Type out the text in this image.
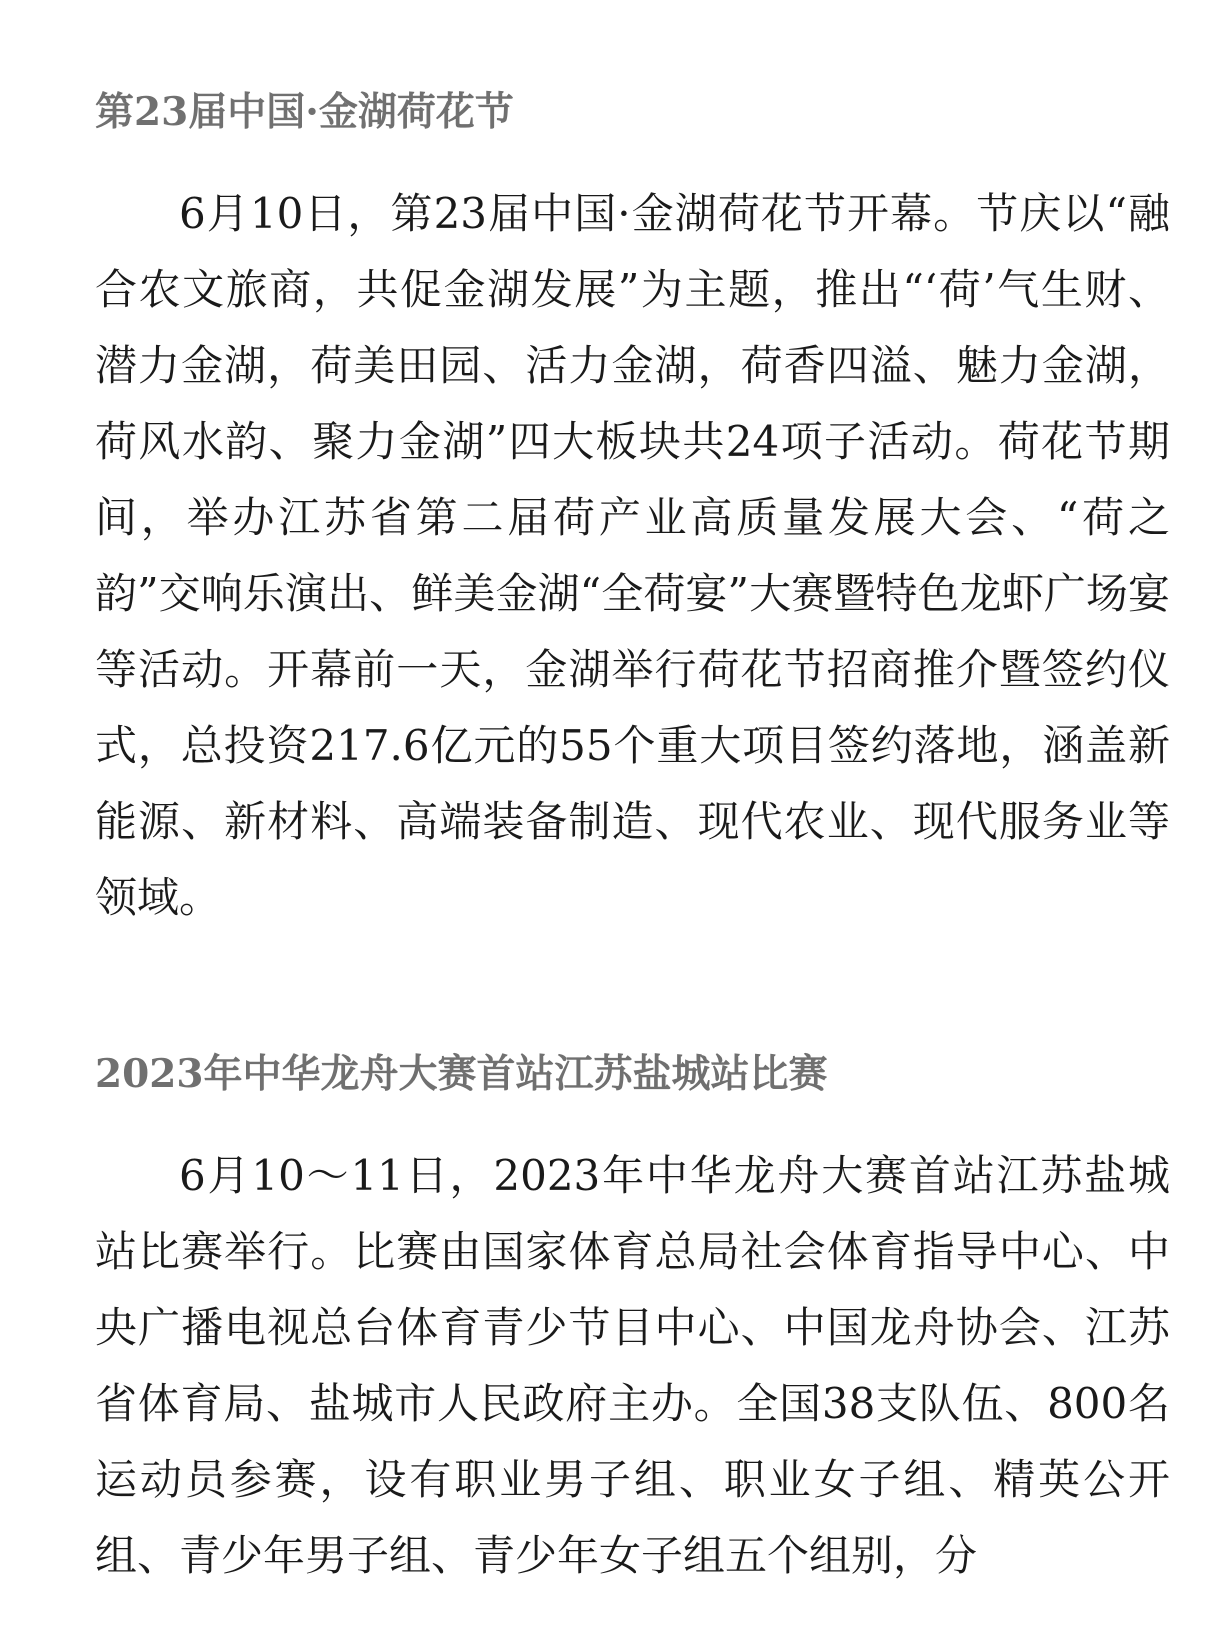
第23届中国·金湖荷花节

6月10日，第23届中国·金湖荷花节开幕。节庆以“融合农文旅商，共促金湖发展”为主题，推出“‘荷’气生财、潜力金湖，荷美田园、活力金湖，荷香四溢、魅力金湖，荷风水韵、聚力金湖”四大板块共24项子活动。荷花节期间，举办江苏省第二届荷产业高质量发展大会、“荷之韵”交响乐演出、鲜美金湖“全荷宴”大赛暨特色龙虾广场宴等活动。开幕前一天，金湖举行荷花节招商推介暨签约仪式，总投资217.6亿元的55个重大项目签约落地，涵盖新能源、新材料、高端装备制造、现代农业、现代服务业等领域。

2023年中华龙舟大赛首站江苏盐城站比赛

6月10～11日，2023年中华龙舟大赛首站江苏盐城站比赛举行。比赛由国家体育总局社会体育指导中心、中央广播电视总台体育青少节目中心、中国龙舟协会、江苏省体育局、盐城市人民政府主办。全国38支队伍、800名运动员参赛，设有职业男子组、职业女子组、精英公开组、青少年男子组、青少年女子组五个组别，分
